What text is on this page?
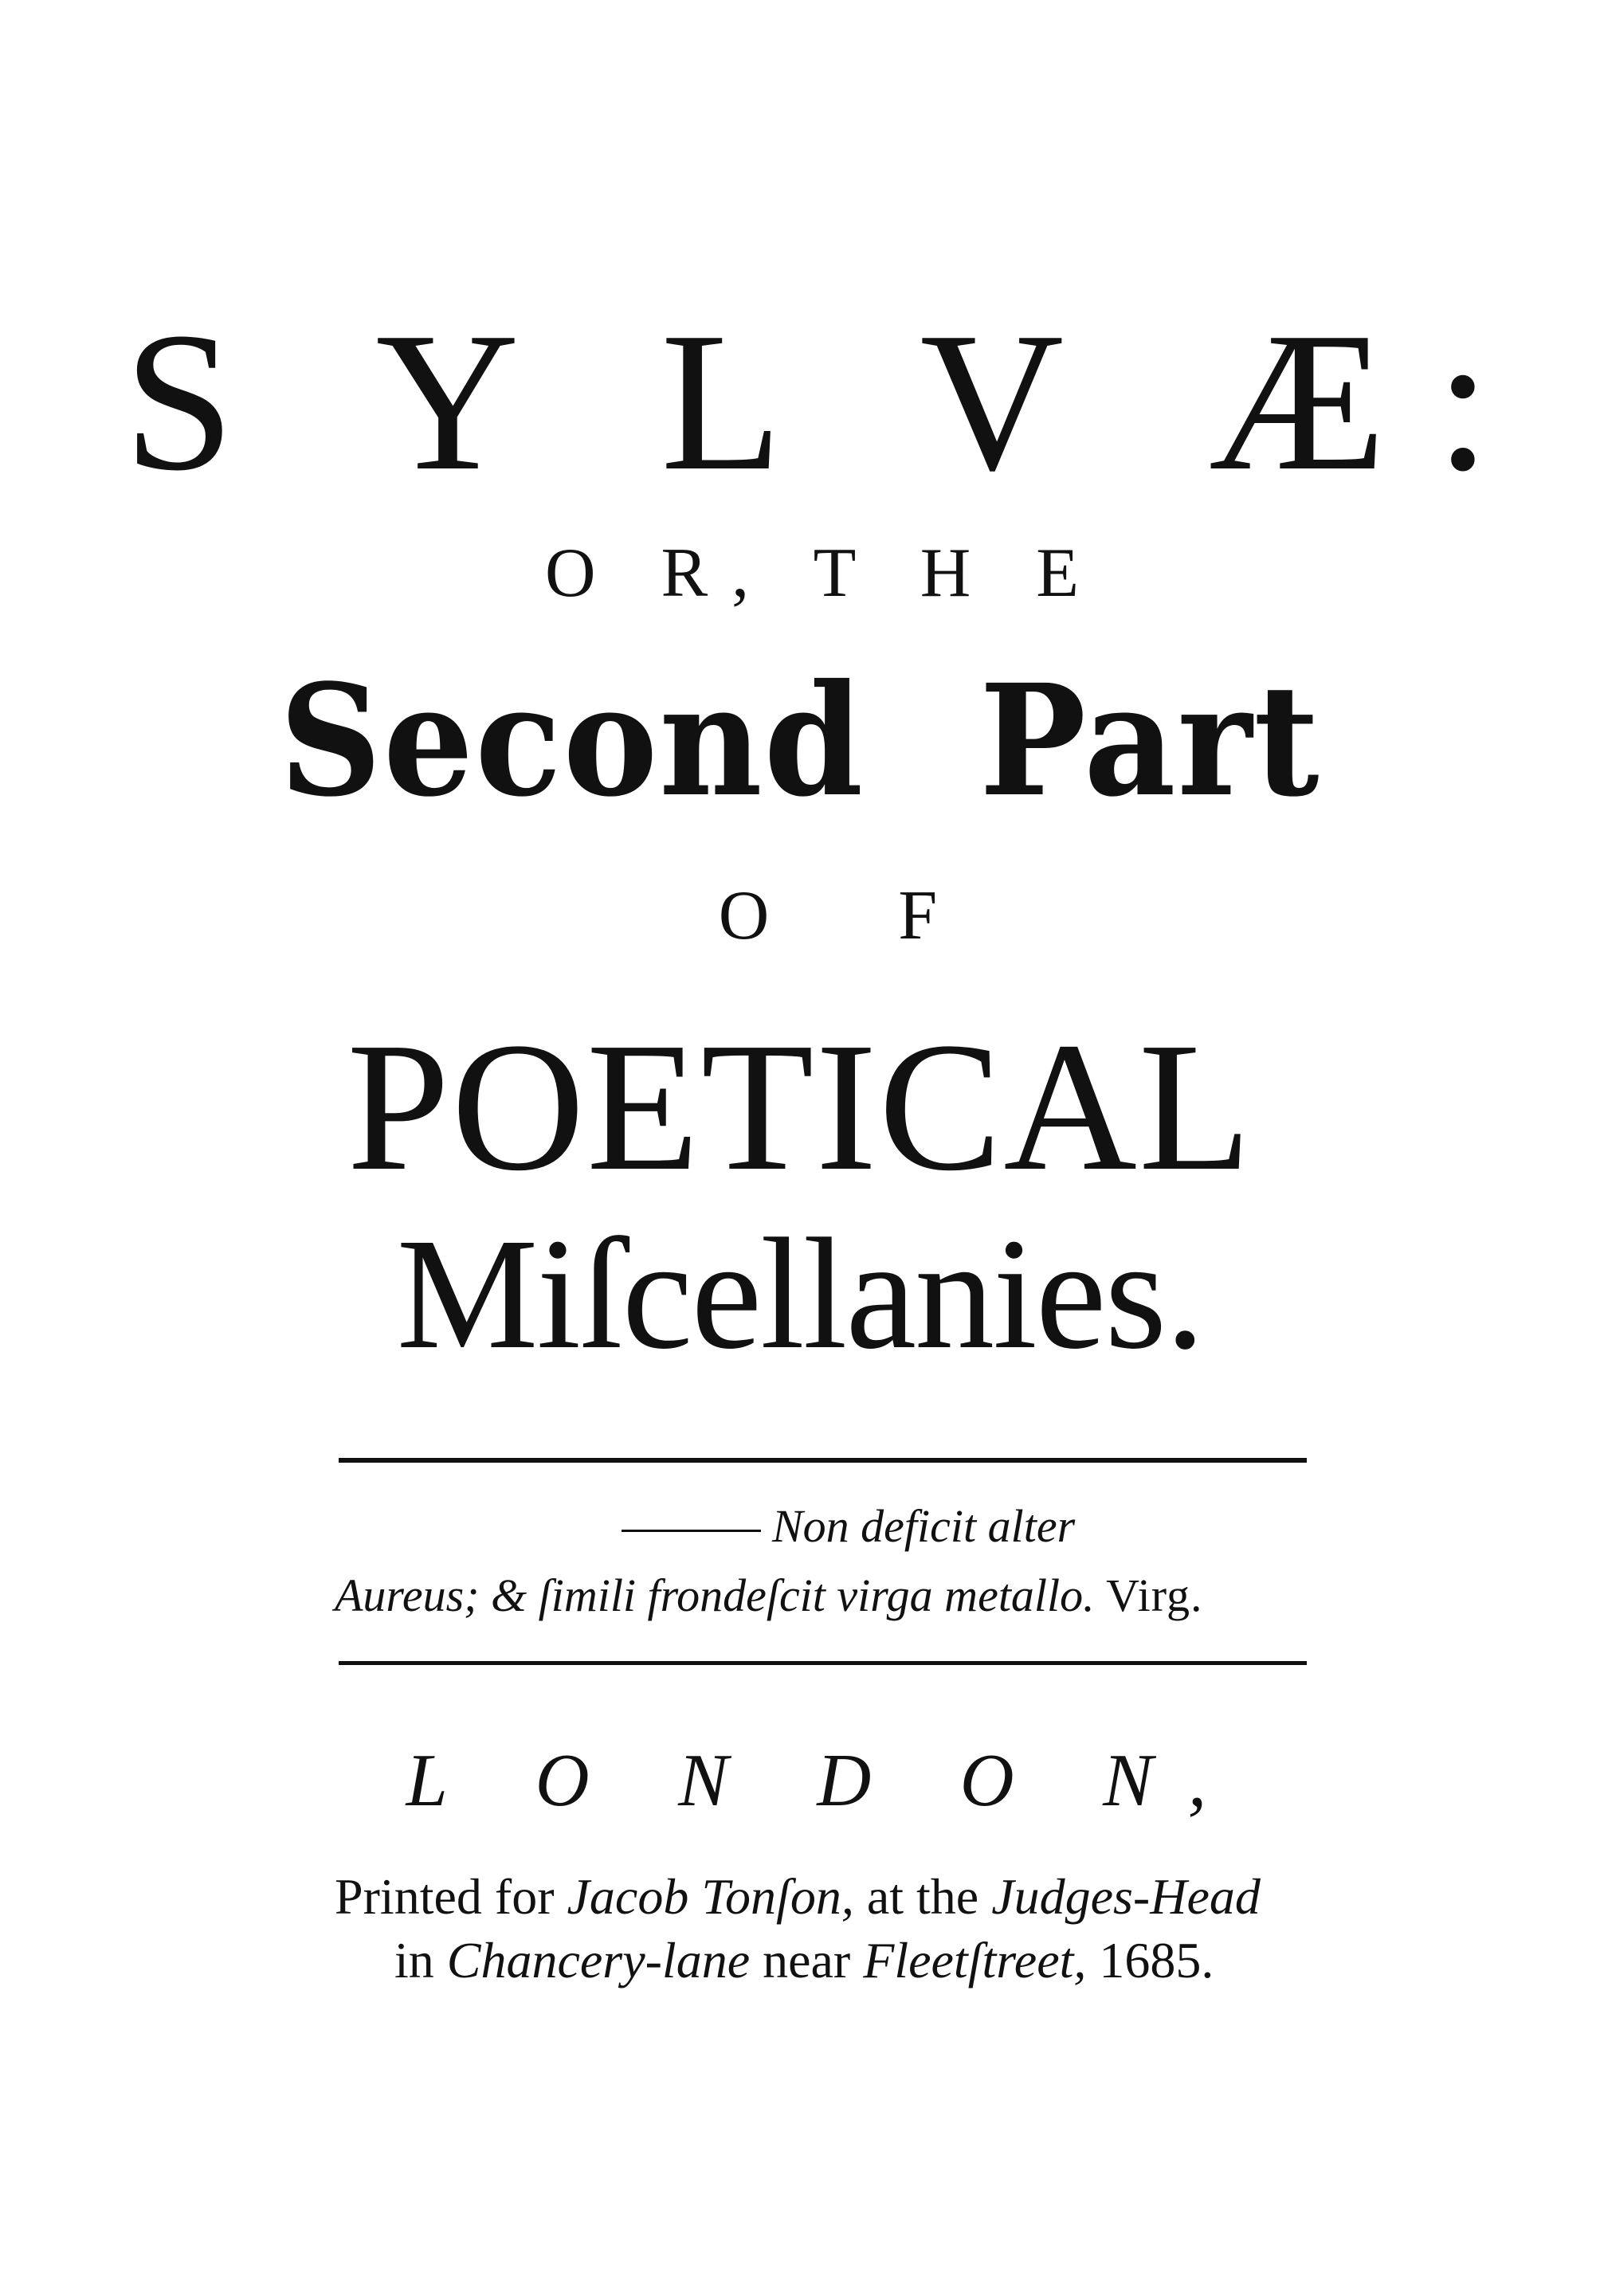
S Y L V Æ:
O R, T H E
Second Part
O F
POETICAL
Miſcellanies.
Non deficit alter
Aureus; & ſimili frondeſcit virga metallo. Virg.
L O N D O N,
Printed for Jacob Tonſon, at the Judges-Head
in Chancery-lane near Fleetſtreet, 1685.
